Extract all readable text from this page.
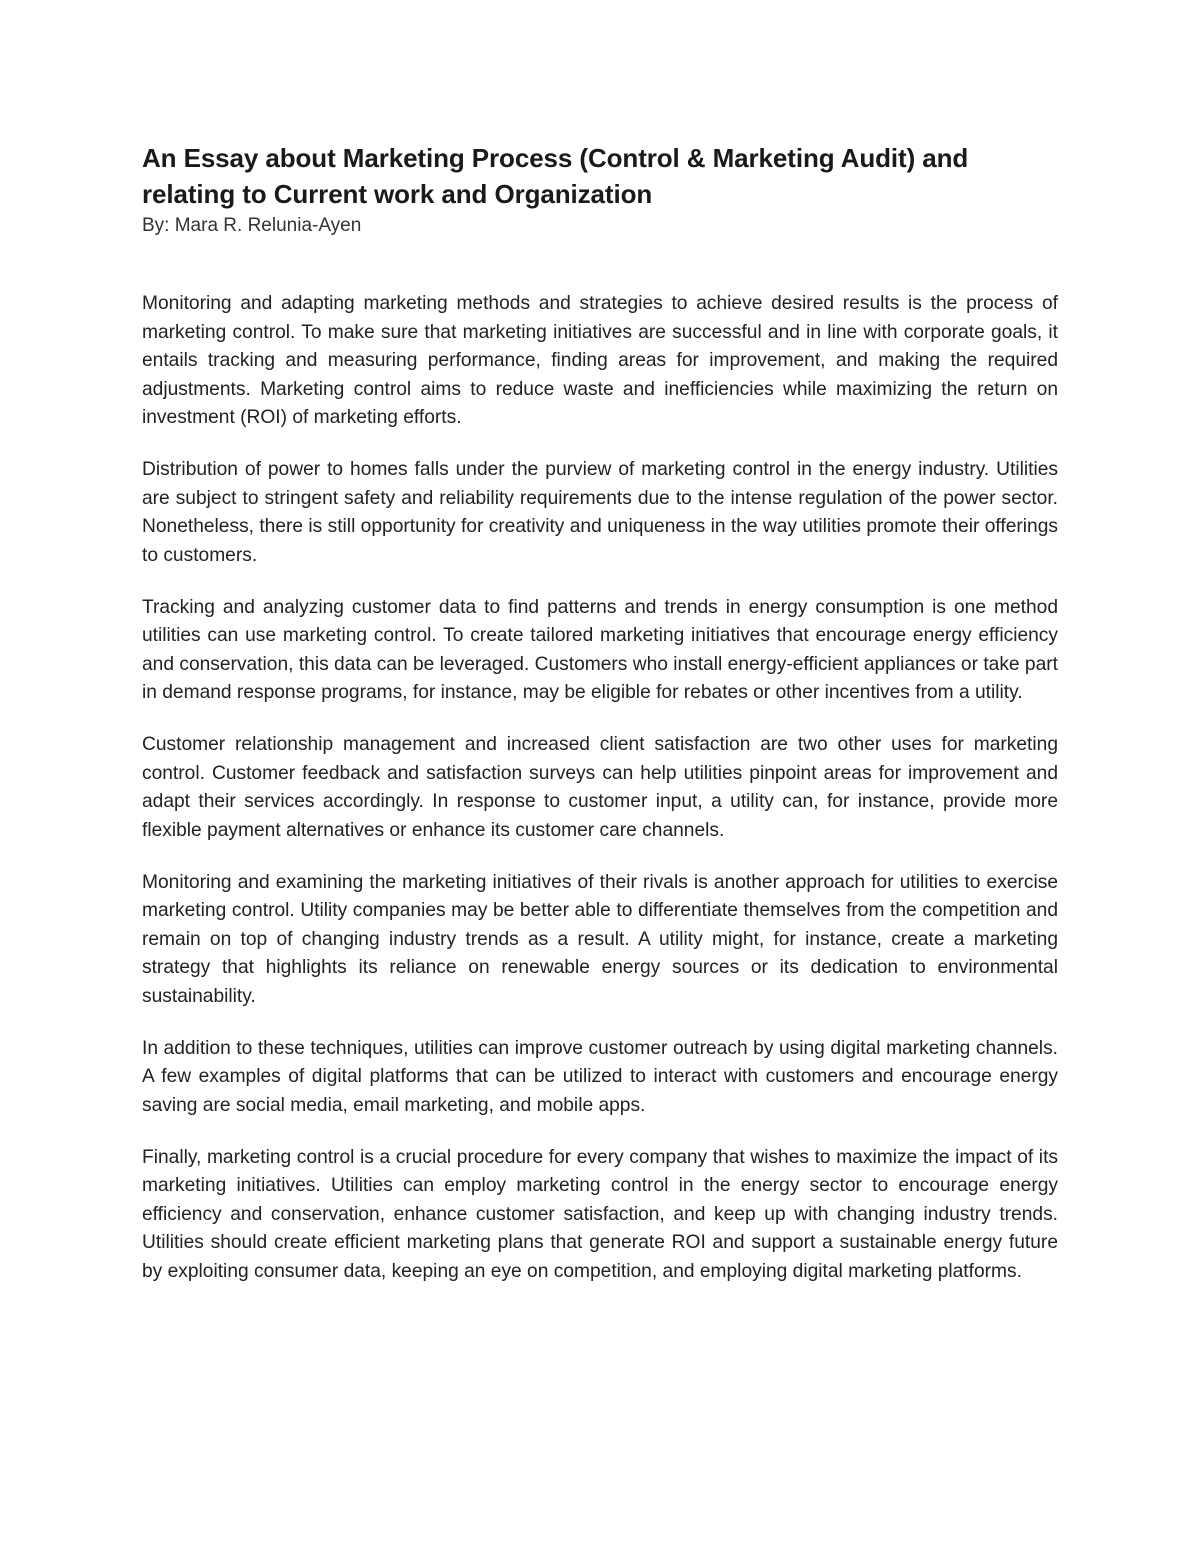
An Essay about Marketing Process (Control & Marketing Audit) and relating to Current work and Organization

By: Mara R. Relunia-Ayen

Monitoring and adapting marketing methods and strategies to achieve desired results is the process of marketing control. To make sure that marketing initiatives are successful and in line with corporate goals, it entails tracking and measuring performance, finding areas for improvement, and making the required adjustments. Marketing control aims to reduce waste and inefficiencies while maximizing the return on investment (ROI) of marketing efforts.

Distribution of power to homes falls under the purview of marketing control in the energy industry. Utilities are subject to stringent safety and reliability requirements due to the intense regulation of the power sector. Nonetheless, there is still opportunity for creativity and uniqueness in the way utilities promote their offerings to customers.

Tracking and analyzing customer data to find patterns and trends in energy consumption is one method utilities can use marketing control. To create tailored marketing initiatives that encourage energy efficiency and conservation, this data can be leveraged. Customers who install energy-efficient appliances or take part in demand response programs, for instance, may be eligible for rebates or other incentives from a utility.

Customer relationship management and increased client satisfaction are two other uses for marketing control. Customer feedback and satisfaction surveys can help utilities pinpoint areas for improvement and adapt their services accordingly. In response to customer input, a utility can, for instance, provide more flexible payment alternatives or enhance its customer care channels.

Monitoring and examining the marketing initiatives of their rivals is another approach for utilities to exercise marketing control. Utility companies may be better able to differentiate themselves from the competition and remain on top of changing industry trends as a result. A utility might, for instance, create a marketing strategy that highlights its reliance on renewable energy sources or its dedication to environmental sustainability.

In addition to these techniques, utilities can improve customer outreach by using digital marketing channels. A few examples of digital platforms that can be utilized to interact with customers and encourage energy saving are social media, email marketing, and mobile apps.

Finally, marketing control is a crucial procedure for every company that wishes to maximize the impact of its marketing initiatives. Utilities can employ marketing control in the energy sector to encourage energy efficiency and conservation, enhance customer satisfaction, and keep up with changing industry trends. Utilities should create efficient marketing plans that generate ROI and support a sustainable energy future by exploiting consumer data, keeping an eye on competition, and employing digital marketing platforms.
